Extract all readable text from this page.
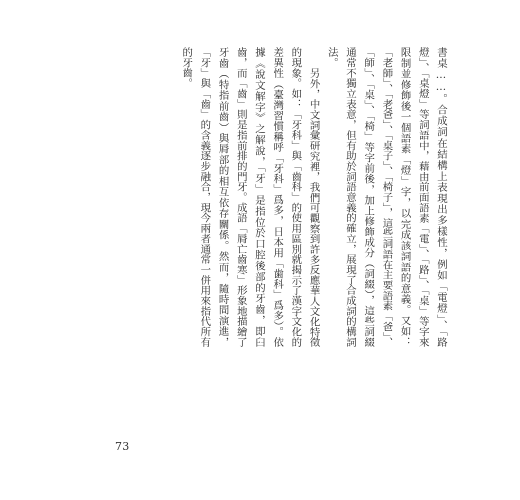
書桌……。合成詞在結構上表現出多樣性，例如「電燈」、「路燈」、「桌燈」等詞語中，藉由前面語素「電」、「路」、「桌」等字來限制並修飾後一個語素「燈」字，以完成該詞語的意義。又如：「老師」、「老爸」、「桌子」、「椅子」，這些詞語在主要語素「爸」、「師」、「桌」、「椅」等字前後，加上修飾成分（詞綴），這些詞綴通常不獨立表意，但有助於詞語意義的確立，展現了合成詞的構詞法。

另外，中文詞彙研究裡，我們可觀察到許多反應華人文化特徵的現象。如：「牙科」與「齒科」的使用區別就揭示了漢字文化的差異性（臺灣習慣稱呼「牙科」爲多，日本用「歯科」爲多）。依據《說文解字》之解說，「牙」是指位於口腔後部的牙齒，即臼齒，而「齒」則是指前排的門牙。成語「脣亡齒寒」形象地描繪了牙齒（特指前齒）與脣部的相互依存關係。然而，隨時間演進，「牙」與「齒」的含義逐步融合，現今兩者通常一併用來指代所有的牙齒。

73
